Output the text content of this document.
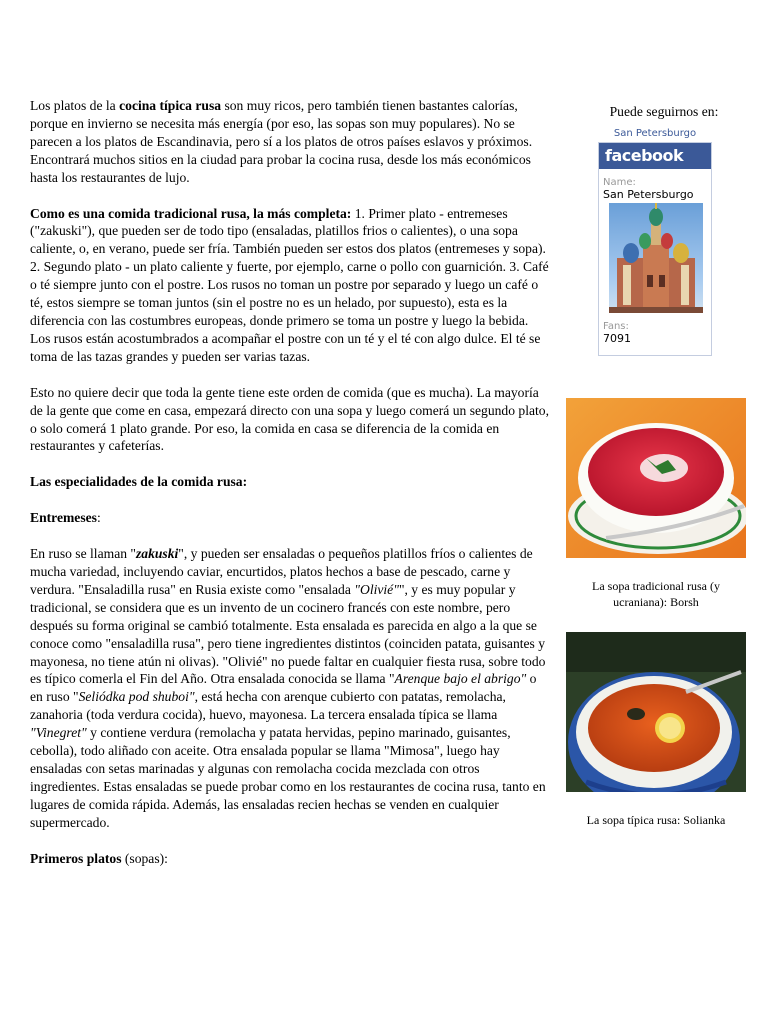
Los platos de la cocina típica rusa son muy ricos, pero también tienen bastantes calorías, porque en invierno se necesita más energía (por eso, las sopas son muy populares). No se parecen a los platos de Escandinavia, pero sí a los platos de otros países eslavos y próximos. Encontrará muchos sitios en la ciudad para probar la cocina rusa, desde los más económicos hasta los restaurantes de lujo.

Como es una comida tradicional rusa, la más completa: 1. Primer plato - entremeses ("zakuski"), que pueden ser de todo tipo (ensaladas, platillos frios o calientes), o una sopa caliente, o, en verano, puede ser fría. También pueden ser estos dos platos (entremeses y sopa). 2. Segundo plato - un plato caliente y fuerte, por ejemplo, carne o pollo con guarnición. 3. Café o té siempre junto con el postre. Los rusos no toman un postre por separado y luego un café o té, estos siempre se toman juntos (sin el postre no es un helado, por supuesto), esta es la diferencia con las costumbres europeas, donde primero se toma un postre y luego la bebida. Los rusos están acostumbrados a acompañar el postre con un té y el té con algo dulce. El té se toma de las tazas grandes y pueden ser varias tazas.

Esto no quiere decir que toda la gente tiene este orden de comida (que es mucha). La mayoría de la gente que come en casa, empezará directo con una sopa y luego comerá un segundo plato, o solo comerá 1 plato grande. Por eso, la comida en casa se diferencia de la comida en restaurantes y cafeterías.

Las especialidades de la comida rusa:

Entremeses:

En ruso se llaman "zakuski", y pueden ser ensaladas o pequeños platillos fríos o calientes de mucha variedad, incluyendo caviar, encurtidos, platos hechos a base de pescado, carne y verdura. "Ensaladilla rusa" en Rusia existe como "ensalada "Olivié"", y es muy popular y tradicional, se considera que es un invento de un cocinero francés con este nombre, pero después su forma original se cambió totalmente. Esta ensalada es parecida en algo a la que se conoce como "ensaladilla rusa", pero tiene ingredientes distintos (coinciden patata, guisantes y mayonesa, no tiene atún ni olivas). "Olivié" no puede faltar en cualquier fiesta rusa, sobre todo es típico comerla el Fin del Año. Otra ensalada conocida se llama "Arenque bajo el abrigo" o en ruso "Seliódka pod shuboi", está hecha con arenque cubierto con patatas, remolacha, zanahoria (toda verdura cocida), huevo, mayonesa. La tercera ensalada típica se llama "Vinegret" y contiene verdura (remolacha y patata hervidas, pepino marinado, guisantes, cebolla), todo aliñado con aceite. Otra ensalada popular se llama "Mimosa", luego hay ensaladas con setas marinadas y algunas con remolacha cocida mezclada con otros ingredientes. Estas ensaladas se puede probar como en los restaurantes de cocina rusa, tanto en lugares de comida rápida. Además, las ensaladas recien hechas se venden en cualquier supermercado.

Primeros platos (sopas):

Puede seguirnos en:
San Petersburgo
facebook
Name:
San Petersburgo
Fans:
7091
La sopa tradicional rusa (y ucraniana): Borsh
La sopa típica rusa: Solianka
